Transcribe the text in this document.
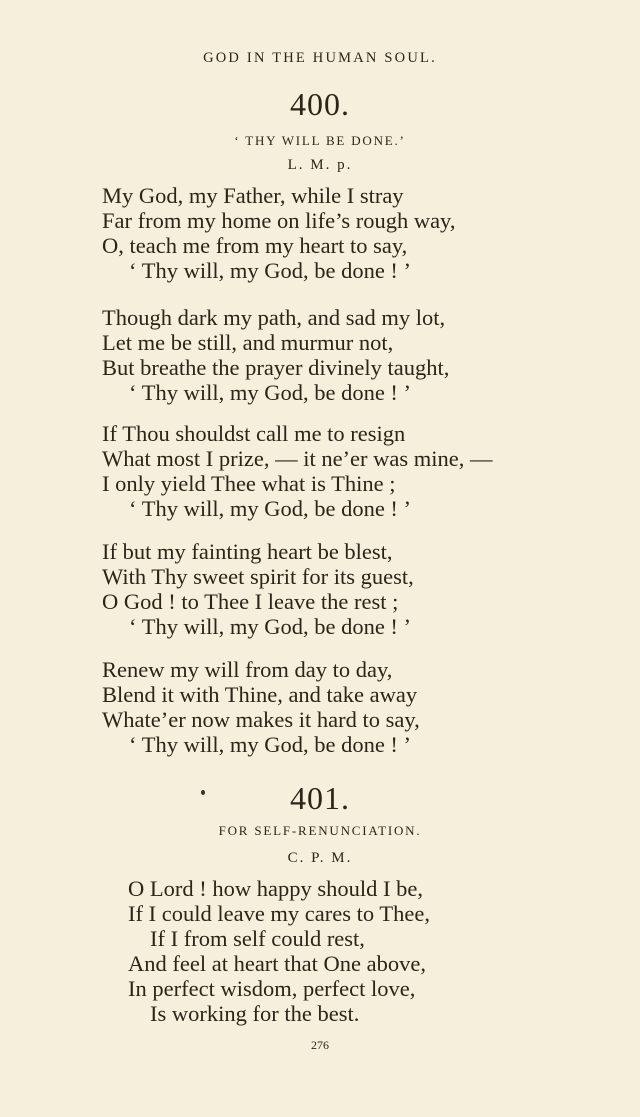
GOD IN THE HUMAN SOUL.
400.
‘ THY WILL BE DONE.’
L. M. p.
My God, my Father, while I stray
Far from my home on life’s rough way,
O, teach me from my heart to say,
‘ Thy will, my God, be done ! ’
Though dark my path, and sad my lot,
Let me be still, and murmur not,
But breathe the prayer divinely taught,
‘ Thy will, my God, be done ! ’
If Thou shouldst call me to resign
What most I prize, — it ne’er was mine, —
I only yield Thee what is Thine ;
‘ Thy will, my God, be done ! ’
If but my fainting heart be blest,
With Thy sweet spirit for its guest,
O God ! to Thee I leave the rest ;
‘ Thy will, my God, be done ! ’
Renew my will from day to day,
Blend it with Thine, and take away
Whate’er now makes it hard to say,
‘ Thy will, my God, be done ! ’
401.
FOR SELF-RENUNCIATION.
C. P. M.
O Lord ! how happy should I be,
If I could leave my cares to Thee,
If I from self could rest,
And feel at heart that One above,
In perfect wisdom, perfect love,
Is working for the best.
276
